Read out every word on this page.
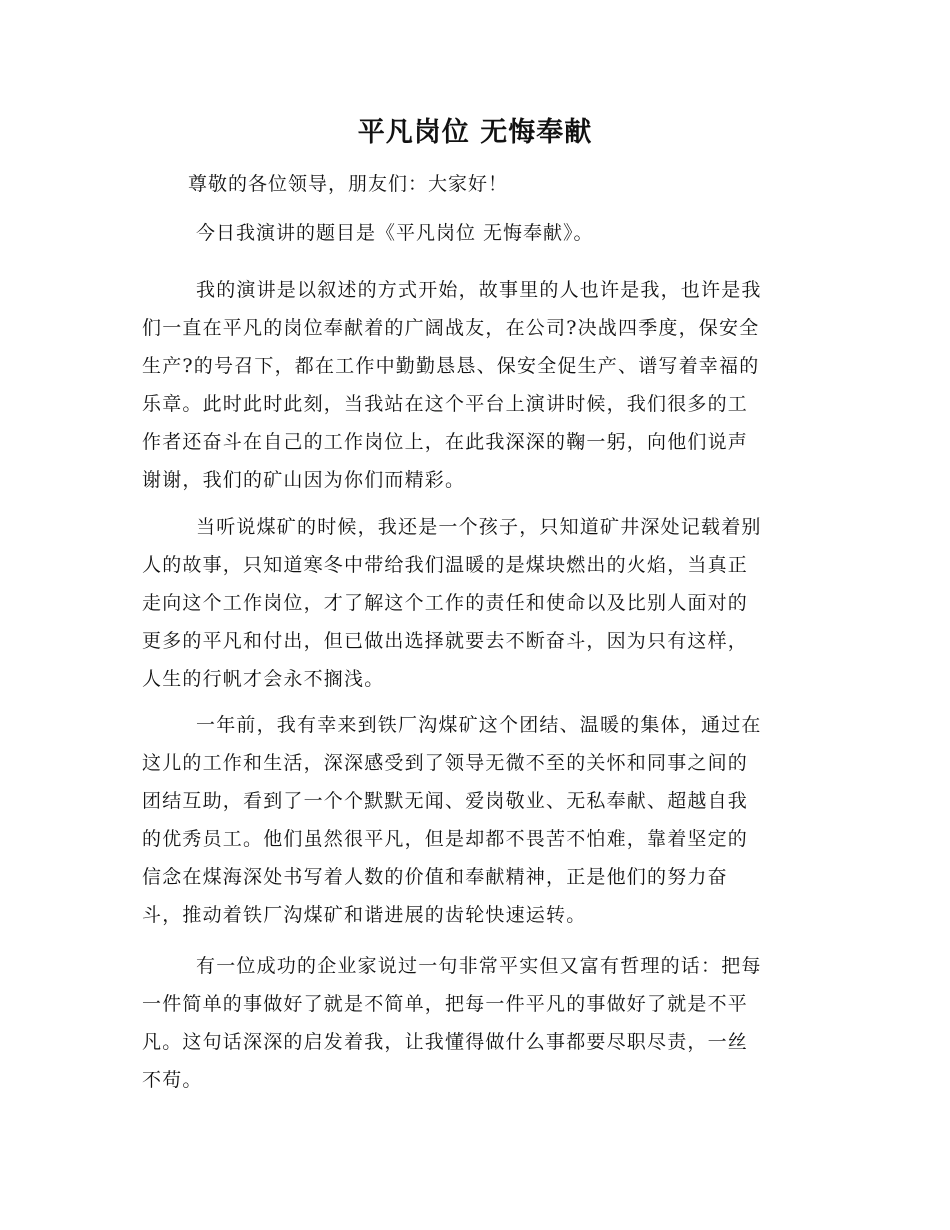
平凡岗位 无悔奉献

尊敬的各位领导，朋友们：大家好！

今日我演讲的题目是《平凡岗位 无悔奉献》。

我的演讲是以叙述的方式开始，故事里的人也许是我，也许是我
们一直在平凡的岗位奉献着的广阔战友，在公司?决战四季度，保安全
生产?的号召下，都在工作中勤勤恳恳、保安全促生产、谱写着幸福的
乐章。此时此时此刻，当我站在这个平台上演讲时候，我们很多的工
作者还奋斗在自己的工作岗位上，在此我深深的鞠一躬，向他们说声
谢谢，我们的矿山因为你们而精彩。

当听说煤矿的时候，我还是一个孩子，只知道矿井深处记载着别
人的故事，只知道寒冬中带给我们温暖的是煤块燃出的火焰，当真正
走向这个工作岗位，才了解这个工作的责任和使命以及比别人面对的
更多的平凡和付出，但已做出选择就要去不断奋斗，因为只有这样，
人生的行帆才会永不搁浅。

一年前，我有幸来到铁厂沟煤矿这个团结、温暖的集体，通过在
这儿的工作和生活，深深感受到了领导无微不至的关怀和同事之间的
团结互助，看到了一个个默默无闻、爱岗敬业、无私奉献、超越自我
的优秀员工。他们虽然很平凡，但是却都不畏苦不怕难，靠着坚定的
信念在煤海深处书写着人数的价值和奉献精神，正是他们的努力奋
斗，推动着铁厂沟煤矿和谐进展的齿轮快速运转。

有一位成功的企业家说过一句非常平实但又富有哲理的话：把每
一件简单的事做好了就是不简单，把每一件平凡的事做好了就是不平
凡。这句话深深的启发着我，让我懂得做什么事都要尽职尽责，一丝
不苟。
